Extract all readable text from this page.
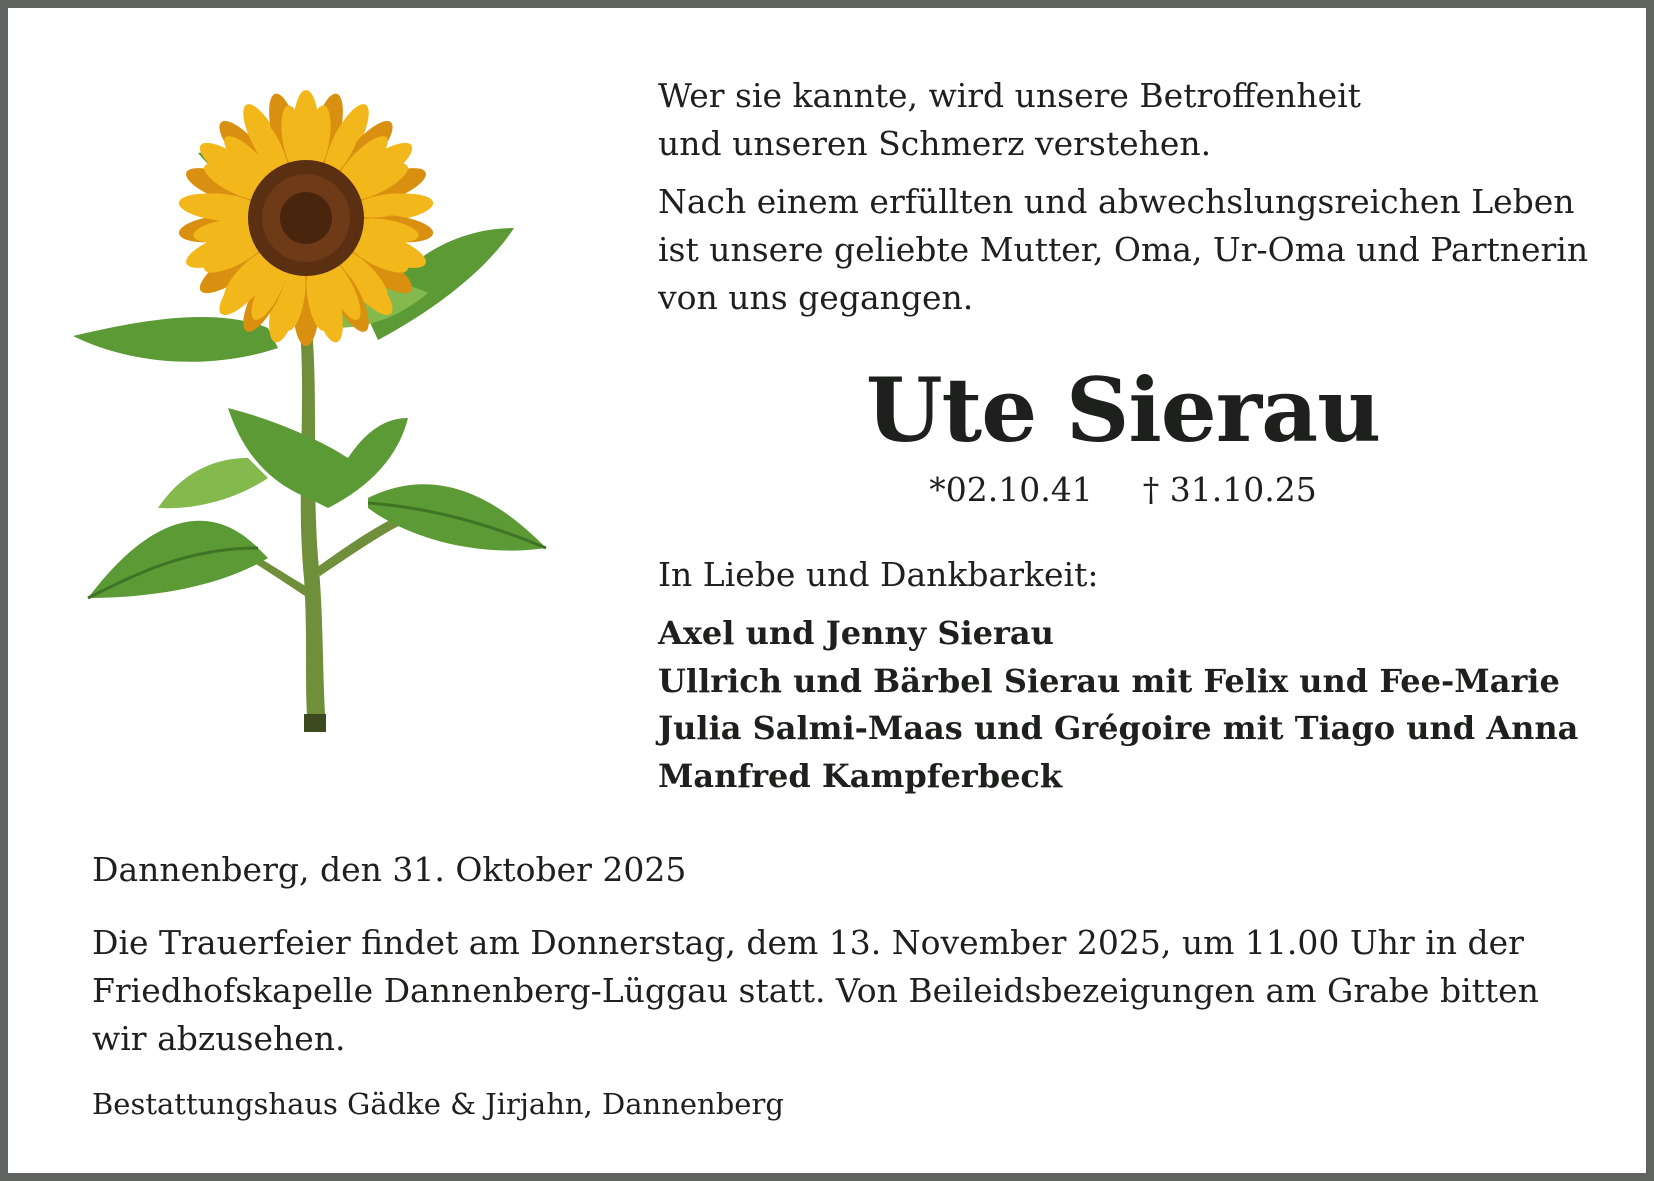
Wer sie kannte, wird unsere Betroffenheit

und unseren Schmerz verstehen.

Nach einem erfüllten und abwechslungsreichen Leben

ist unsere geliebte Mutter, Oma, Ur-Oma und Partnerin

von uns gegangen.

Ute Sierau
*02.10.41 † 31.10.25

In Liebe und Dankbarkeit:

Axel und Jenny Sierau
Ullrich und Bärbel Sierau mit Felix und Fee-Marie
Julia Salmi-Maas und Grégoire mit Tiago und Anna
Manfred Kampferbeck

Dannenberg, den 31. Oktober 2025

Die Trauerfeier findet am Donnerstag, dem 13. November 2025, um 11.00 Uhr in der
Friedhofskapelle Dannenberg-Lüggau statt. Von Beileidsbezeigungen am Grabe bitten
wir abzusehen.

Bestattungshaus Gädke & Jirjahn, Dannenberg
